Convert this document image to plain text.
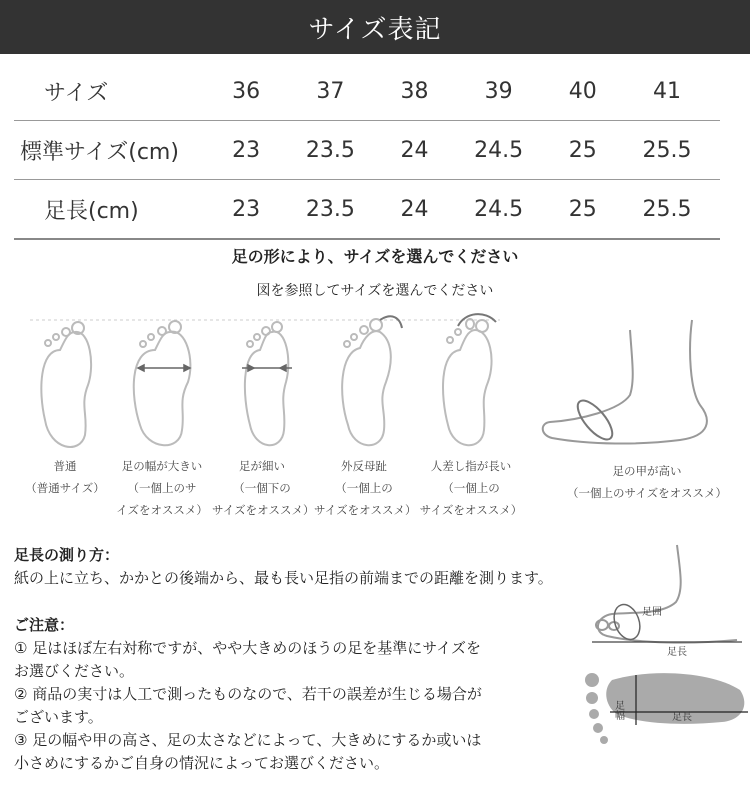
サイズ表記
サイズ	36	37	38	39	40	41
標準サイズ(cm)	23	23.5	24	24.5	25	25.5
足長(cm)	23	23.5	24	24.5	25	25.5
足の形により、サイズを選んでください
図を参照してサイズを選んでください
普通
（普通サイズ）
足の幅が大きい
（一個上のサ
イズをオススメ）
足が細い
（一個下の
サイズをオススメ）
外反母趾
（一個上の
サイズをオススメ）
人差し指が長い
（一個上の
サイズをオススメ）
足の甲が高い
（一個上のサイズをオススメ）
足長の測り方：
紙の上に立ち、かかとの後端から、最も長い足指の前端までの距離を測ります。
ご注意：
① 足はほぼ左右対称ですが、やや大きめのほうの足を基準にサイズを
お選びください。
② 商品の実寸は人工で測ったものなので、若干の誤差が生じる場合が
ございます。
③ 足の幅や甲の高さ、足の太さなどによって、大きめにするか或いは
小さめにするかご自身の情況によってお選びください。
足囲
足長
足幅	足長
